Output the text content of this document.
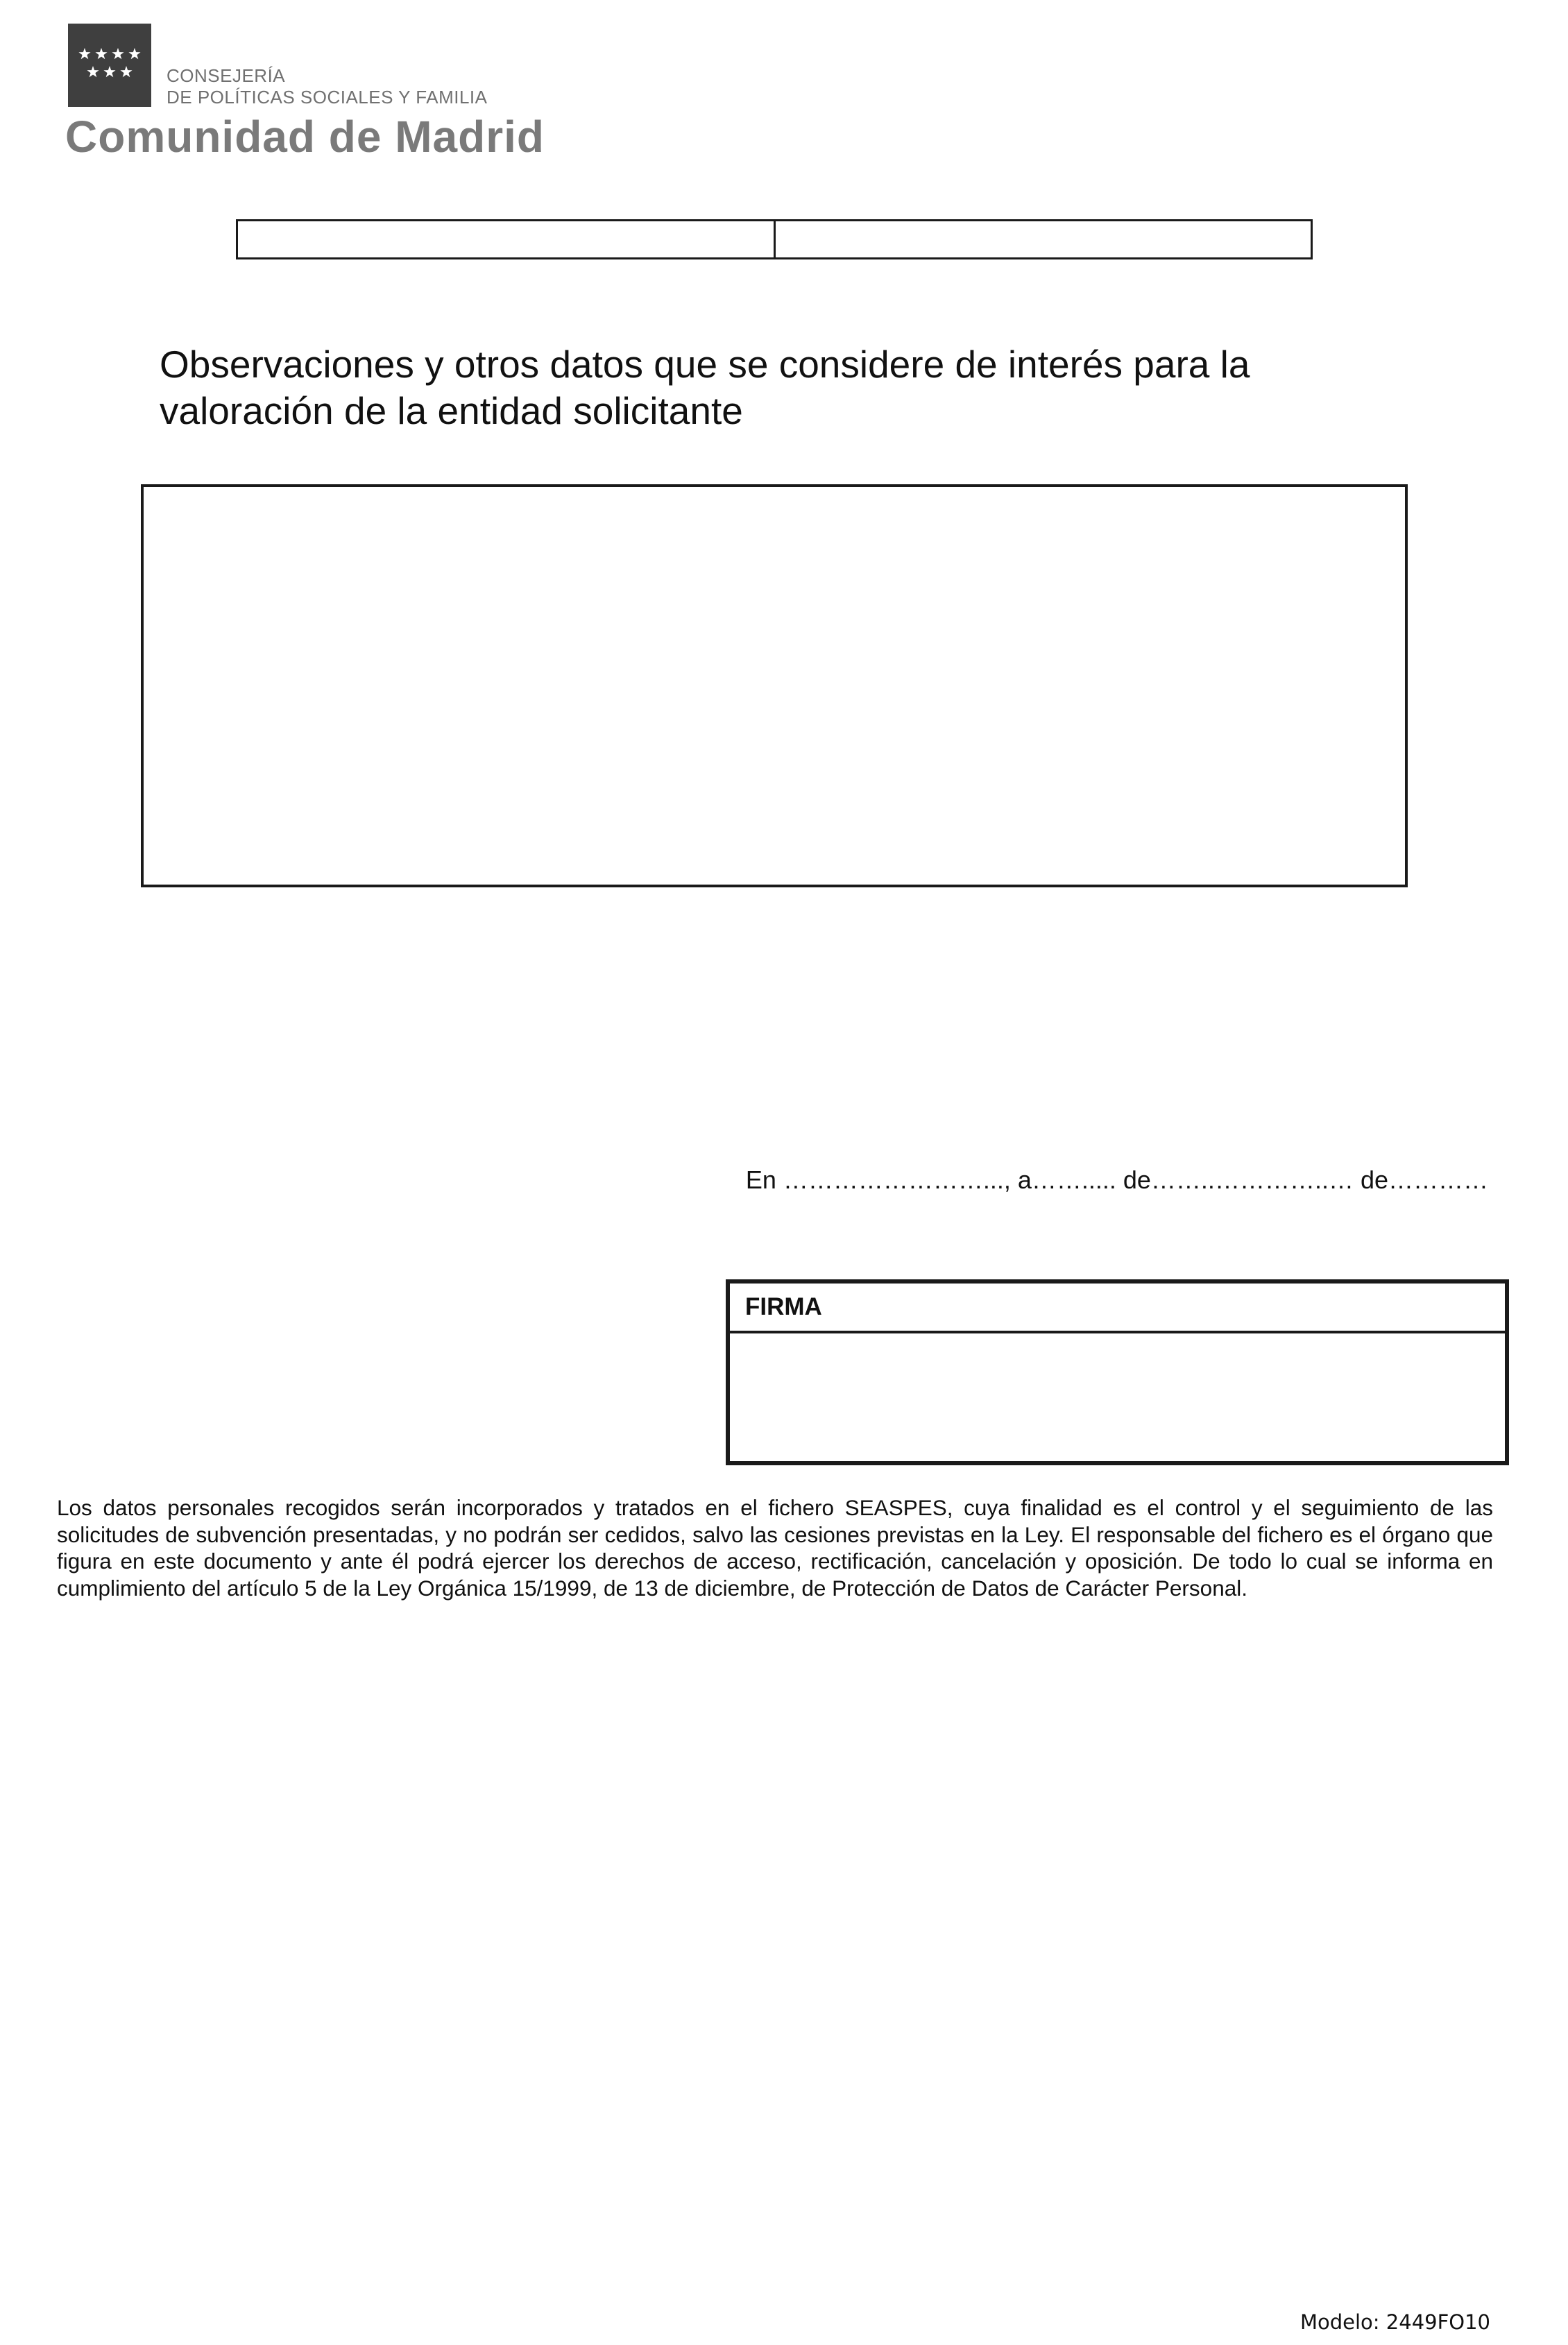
CONSEJERÍA
DE POLÍTICAS SOCIALES Y FAMILIA
Comunidad de Madrid
Observaciones y otros datos que se considere de interés para la valoración de la entidad solicitante
En ……………………..., a……..... de……..…………..… de…………
FIRMA

Los datos personales recogidos serán incorporados y tratados en el fichero SEASPES, cuya finalidad es el control y el seguimiento de las solicitudes de subvención presentadas, y no podrán ser cedidos, salvo las cesiones previstas en la Ley. El responsable del fichero es el órgano que figura en este documento y ante él podrá ejercer los derechos de acceso, rectificación, cancelación y oposición. De todo lo cual se informa en cumplimiento del artículo 5 de la Ley Orgánica 15/1999, de 13 de diciembre, de Protección de Datos de Carácter Personal.

Modelo: 2449FO10
